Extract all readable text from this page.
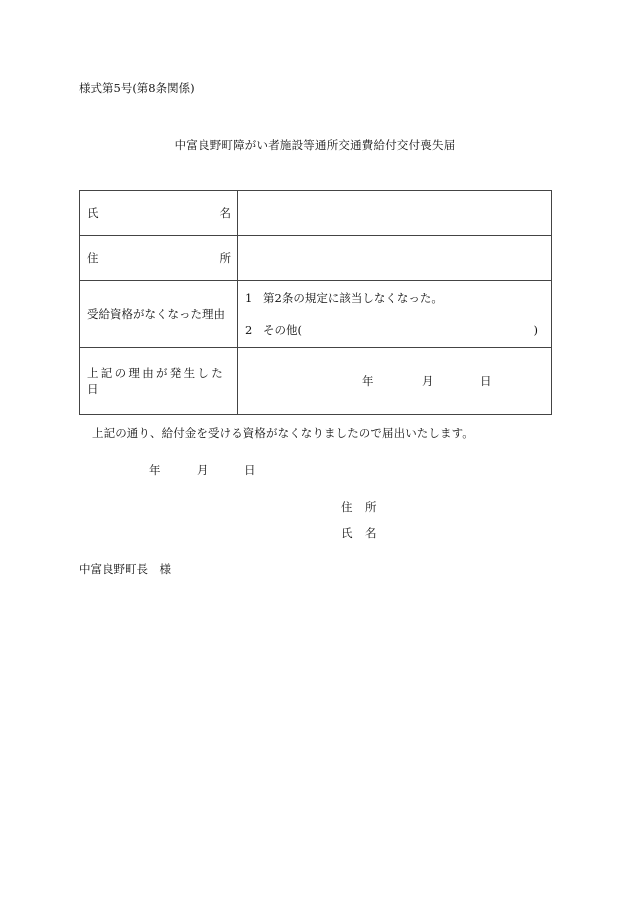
様式第5号(第8条関係)
中富良野町障がい者施設等通所交通費給付交付喪失届
氏 名	

住 所	

受給資格がなくなった理由	1 第2条の規定に該当しなくなった。
2 その他( )

上記の理由が発生した日	年 月 日
上記の通り、給付金を受ける資格がなくなりましたので届出いたします。
年	月	日
住 所
氏 名
中富良野町長　様
